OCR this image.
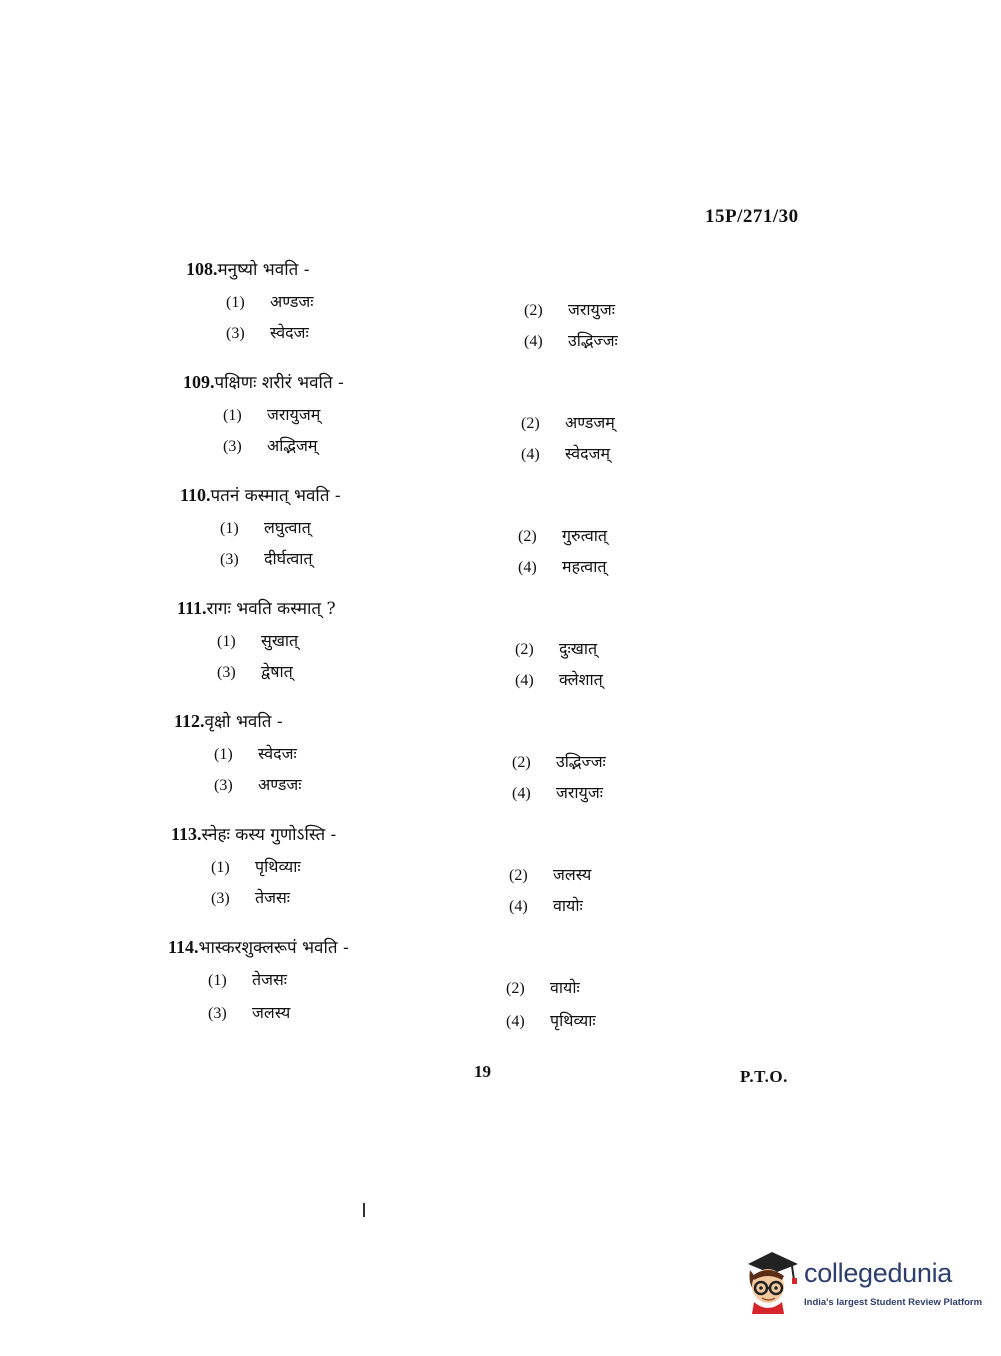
15P/271/30
108.मनुष्यो भवति -
(1) अण्डजः	(2) जरायुजः
(3) स्वेदजः	(4) उद्भिज्जः
109.पक्षिणः शरीरं भवति -
(1) जरायुजम्	(2) अण्डजम्
(3) अद्भिजम्	(4) स्वेदजम्
110.पतनं कस्मात् भवति -
(1) लघुत्वात्	(2) गुरुत्वात्
(3) दीर्घत्वात्	(4) महत्वात्
111.रागः भवति कस्मात् ?
(1) सुखात्	(2) दुःखात्
(3) द्वेषात्	(4) क्लेशात्
112.वृक्षो भवति -
(1) स्वेदजः	(2) उद्भिज्जः
(3) अण्डजः	(4) जरायुजः
113.स्नेहः कस्य गुणोऽस्ति -
(1) पृथिव्याः	(2) जलस्य
(3) तेजसः	(4) वायोः
114.भास्करशुक्लरूपं भवति -
(1) तेजसः	(2) वायोः
(3) जलस्य	(4) पृथिव्याः
19	P.T.O.
collegedunia
India's largest Student Review Platform
